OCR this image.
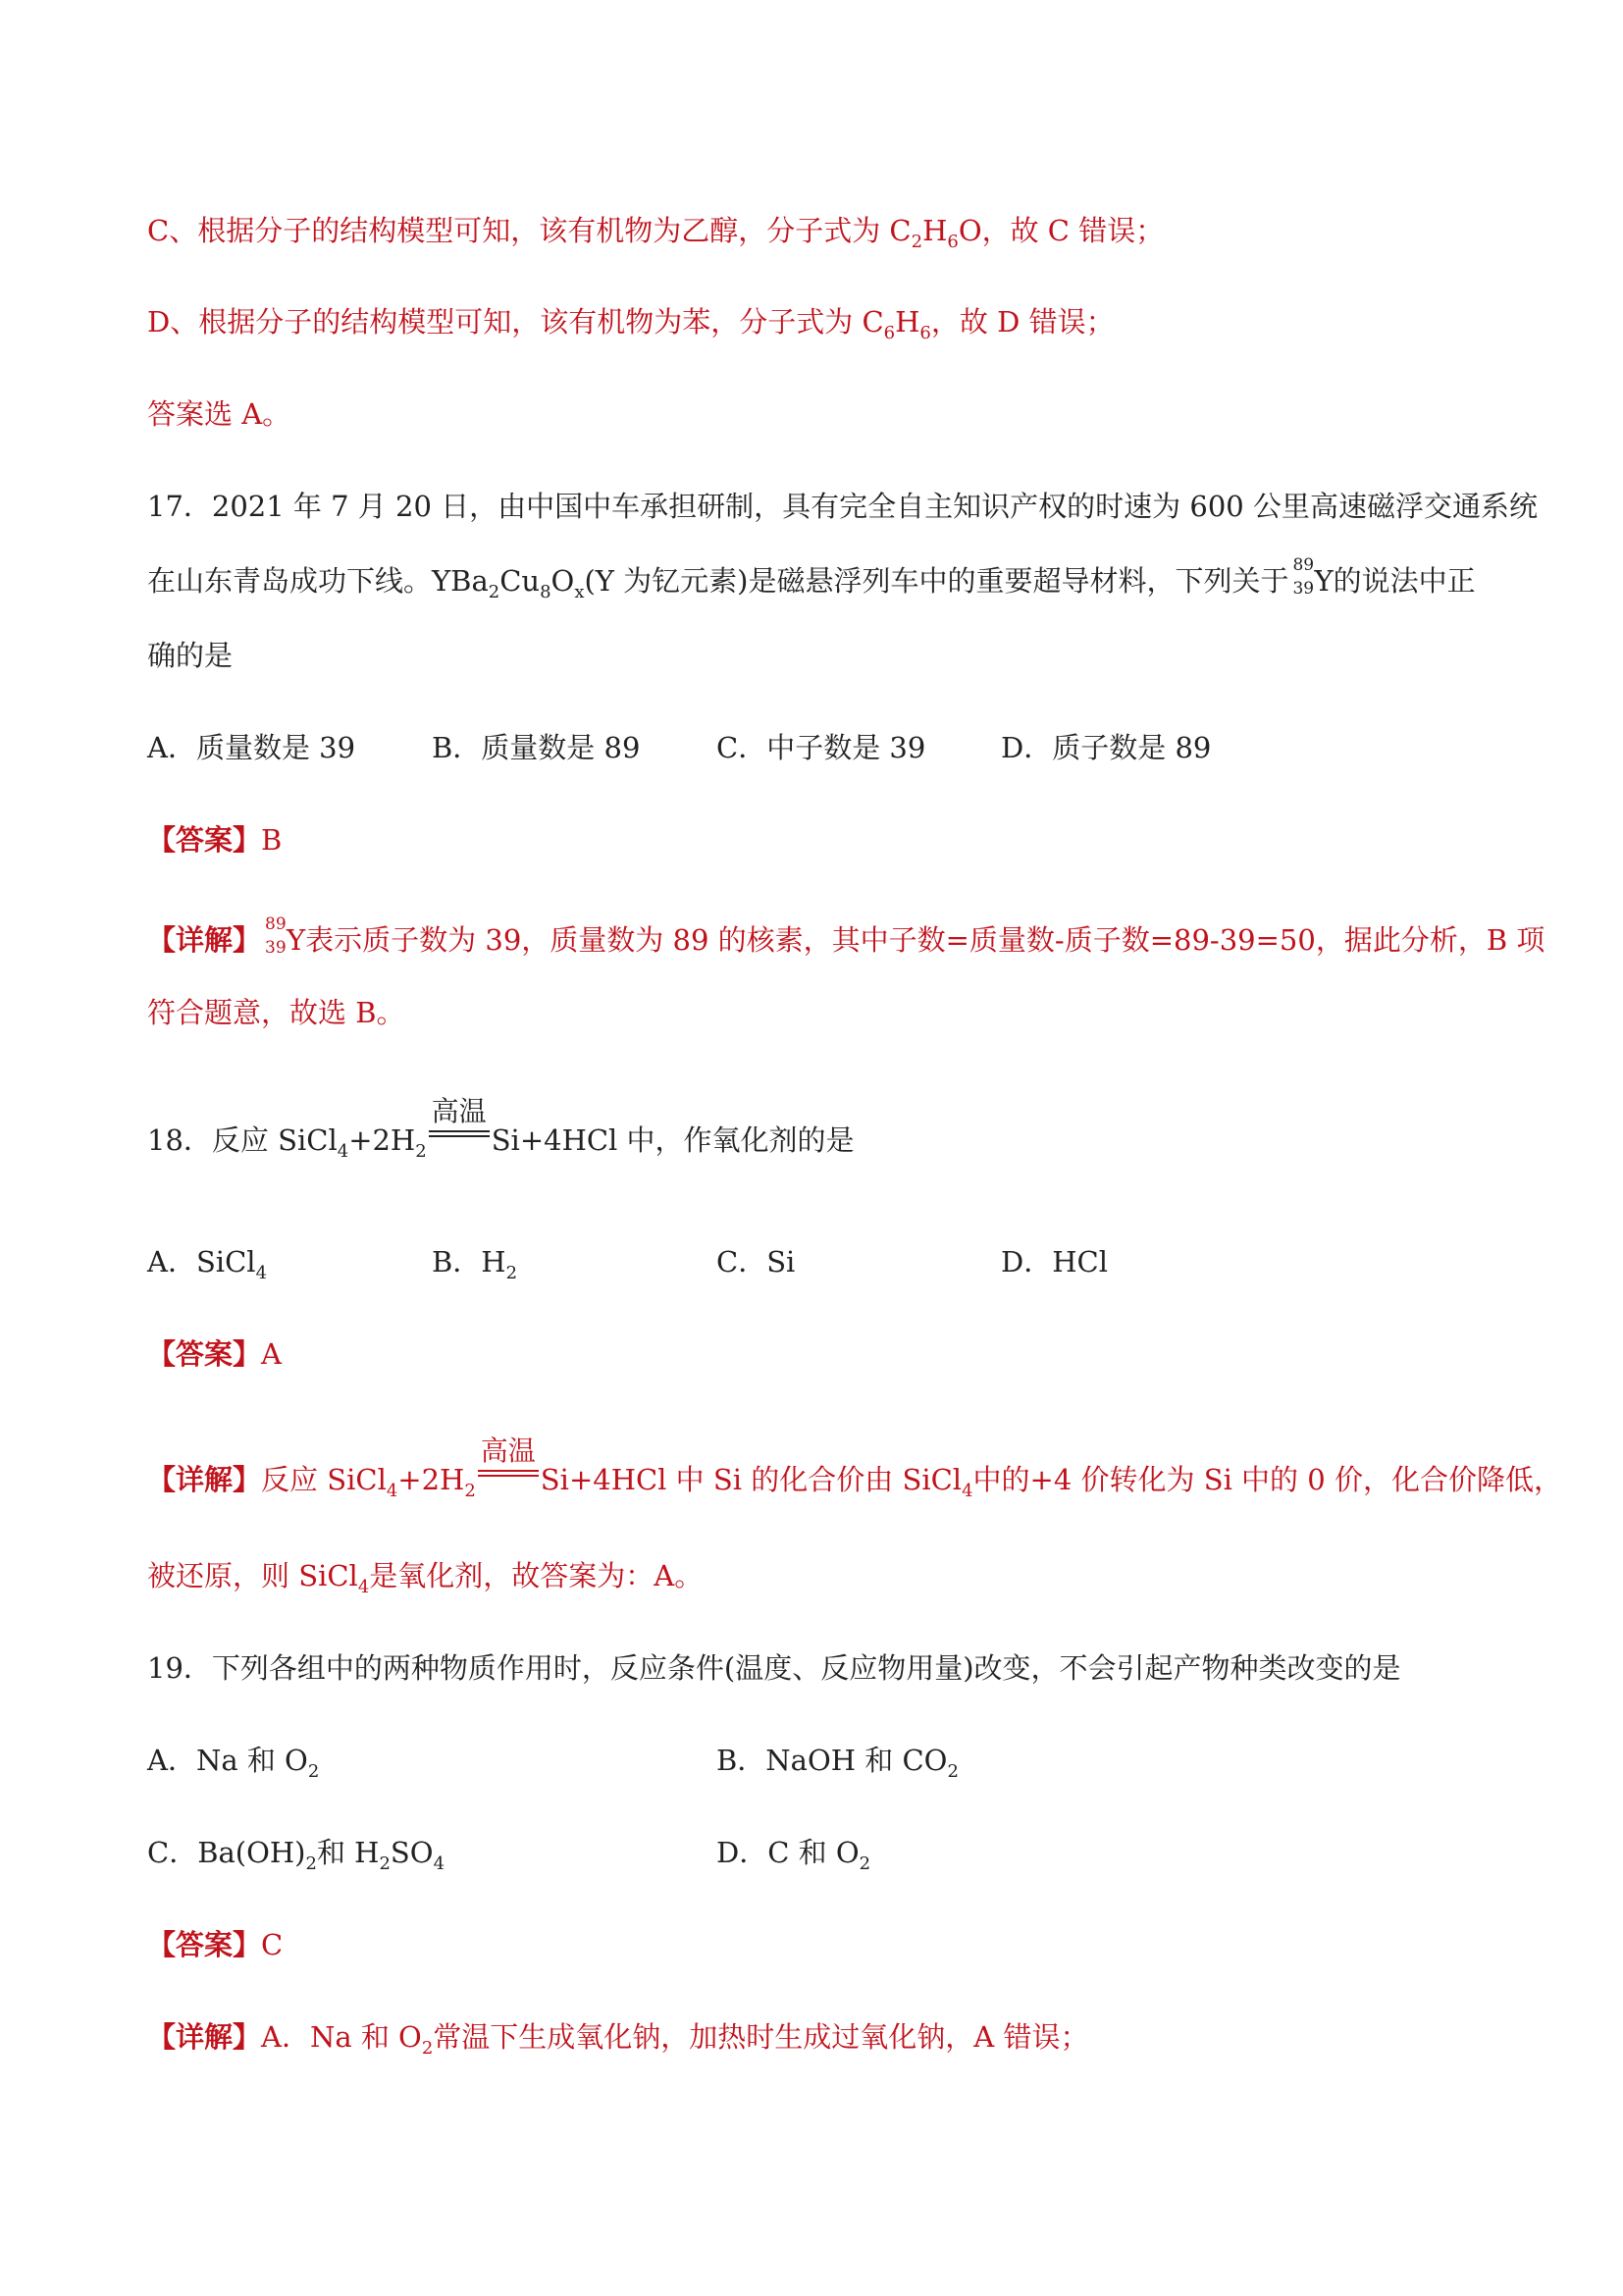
C、根据分子的结构模型可知，该有机物为乙醇，分子式为 $C_2H_6O$，故 C 错误；
D、根据分子的结构模型可知，该有机物为苯，分子式为 $C_6H_6$，故 D 错误；
答案选 A。
17．2021 年 7 月 20 日，由中国中车承担研制，具有完全自主知识产权的时速为 600 公里高速磁浮交通系统
在山东青岛成功下线。$YBa_2Cu_8O_x(Y$ 为钇元素)是磁悬浮列车中的重要超导材料，下列关于 89
39 Y的说法中正
确的是
A．质量数是 39	B．质量数是 89	C．中子数是 39	D．质子数是 89
【答案】B
【详解】 89
39 Y表示质子数为 39，质量数为 89 的核素，其中子数=质量数-质子数=89-39=50，据此分析，B 项
符合题意，故选 B。
18．反应 $SiCl_4+2H_2$
高温
Si+4HCl 中，作氧化剂的是
A．SiCl$_4$	B．$H_2$	C．Si	D．HCl
【答案】A
【详解】反应 $SiCl_4+2H_2$
高温
Si+4HCl 中 Si 的化合价由 SiCl$_4$中的+4 价转化为 Si 中的 0 价，化合价降低，
被还原，则 SiCl$_4$是氧化剂，故答案为：A。
19．下列各组中的两种物质作用时，反应条件(温度、反应物用量)改变，不会引起产物种类改变的是
A．Na 和 $O_2$	B．NaOH 和 $CO_2$
C．$Ba(OH)_2$和 $H_2SO_4$	D．C 和 $O_2$
【答案】C
【详解】A．Na 和 $O_2$常温下生成氧化钠，加热时生成过氧化钠，A 错误；
